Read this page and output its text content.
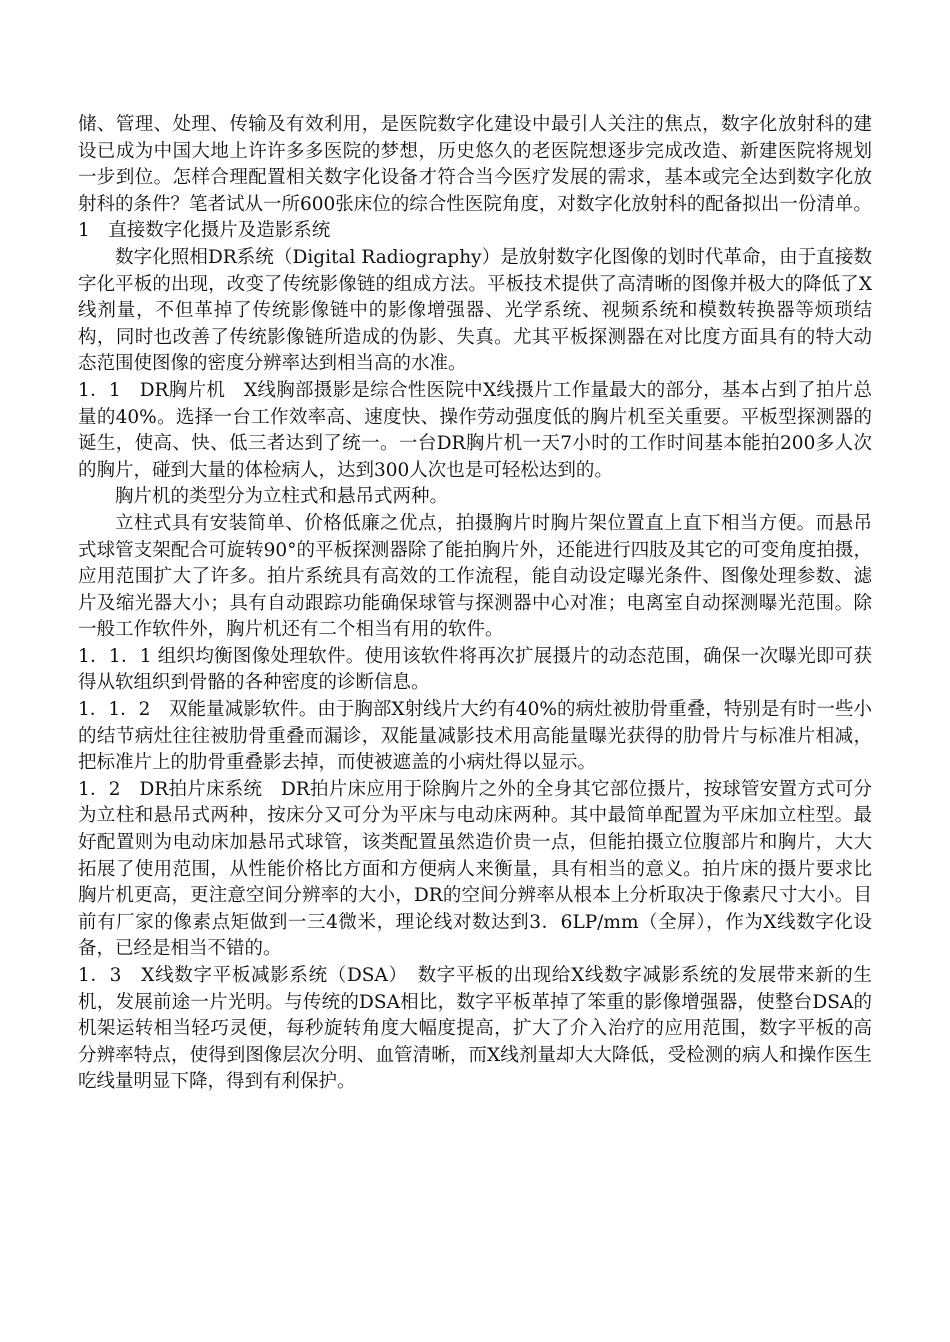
储、管理、处理、传输及有效利用，是医院数字化建设中最引人关注的焦点，数字化放射科的建设已成为中国大地上许许多多医院的梦想，历史悠久的老医院想逐步完成改造、新建医院将规划一步到位。怎样合理配置相关数字化设备才符合当今医疗发展的需求，基本或完全达到数字化放射科的条件？笔者试从一所600张床位的综合性医院角度，对数字化放射科的配备拟出一份清单。

1　直接数字化摄片及造影系统

数字化照相DR系统（Digital Radiography）是放射数字化图像的划时代革命，由于直接数字化平板的出现，改变了传统影像链的组成方法。平板技术提供了高清晰的图像并极大的降低了X线剂量，不但革掉了传统影像链中的影像增强器、光学系统、视频系统和模数转换器等烦琐结构，同时也改善了传统影像链所造成的伪影、失真。尤其平板探测器在对比度方面具有的特大动态范围使图像的密度分辨率达到相当高的水准。

1．1　DR胸片机　X线胸部摄影是综合性医院中X线摄片工作量最大的部分，基本占到了拍片总量的40%。选择一台工作效率高、速度快、操作劳动强度低的胸片机至关重要。平板型探测器的诞生，使高、快、低三者达到了统一。一台DR胸片机一天7小时的工作时间基本能拍200多人次的胸片，碰到大量的体检病人，达到300人次也是可轻松达到的。

胸片机的类型分为立柱式和悬吊式两种。

立柱式具有安装简单、价格低廉之优点，拍摄胸片时胸片架位置直上直下相当方便。而悬吊式球管支架配合可旋转90°的平板探测器除了能拍胸片外，还能进行四肢及其它的可变角度拍摄，应用范围扩大了许多。拍片系统具有高效的工作流程，能自动设定曝光条件、图像处理参数、滤片及缩光器大小；具有自动跟踪功能确保球管与探测器中心对准；电离室自动探测曝光范围。除一般工作软件外，胸片机还有二个相当有用的软件。

1．1．1 组织均衡图像处理软件。使用该软件将再次扩展摄片的动态范围，确保一次曝光即可获得从软组织到骨骼的各种密度的诊断信息。

1．1．2　双能量减影软件。由于胸部X射线片大约有40%的病灶被肋骨重叠，特别是有时一些小的结节病灶往往被肋骨重叠而漏诊，双能量减影技术用高能量曝光获得的肋骨片与标准片相减，把标准片上的肋骨重叠影去掉，而使被遮盖的小病灶得以显示。

1．2　DR拍片床系统　DR拍片床应用于除胸片之外的全身其它部位摄片，按球管安置方式可分为立柱和悬吊式两种，按床分又可分为平床与电动床两种。其中最简单配置为平床加立柱型。最好配置则为电动床加悬吊式球管，该类配置虽然造价贵一点，但能拍摄立位腹部片和胸片，大大拓展了使用范围，从性能价格比方面和方便病人来衡量，具有相当的意义。拍片床的摄片要求比胸片机更高，更注意空间分辨率的大小，DR的空间分辨率从根本上分析取决于像素尺寸大小。目前有厂家的像素点矩做到一三4微米，理论线对数达到3．6LP/mm（全屏），作为X线数字化设备，已经是相当不错的。

1．3　X线数字平板减影系统（DSA）　数字平板的出现给X线数字减影系统的发展带来新的生机，发展前途一片光明。与传统的DSA相比，数字平板革掉了笨重的影像增强器，使整台DSA的机架运转相当轻巧灵便，每秒旋转角度大幅度提高，扩大了介入治疗的应用范围，数字平板的高分辨率特点，使得到图像层次分明、血管清晰，而X线剂量却大大降低，受检测的病人和操作医生吃线量明显下降，得到有利保护。
